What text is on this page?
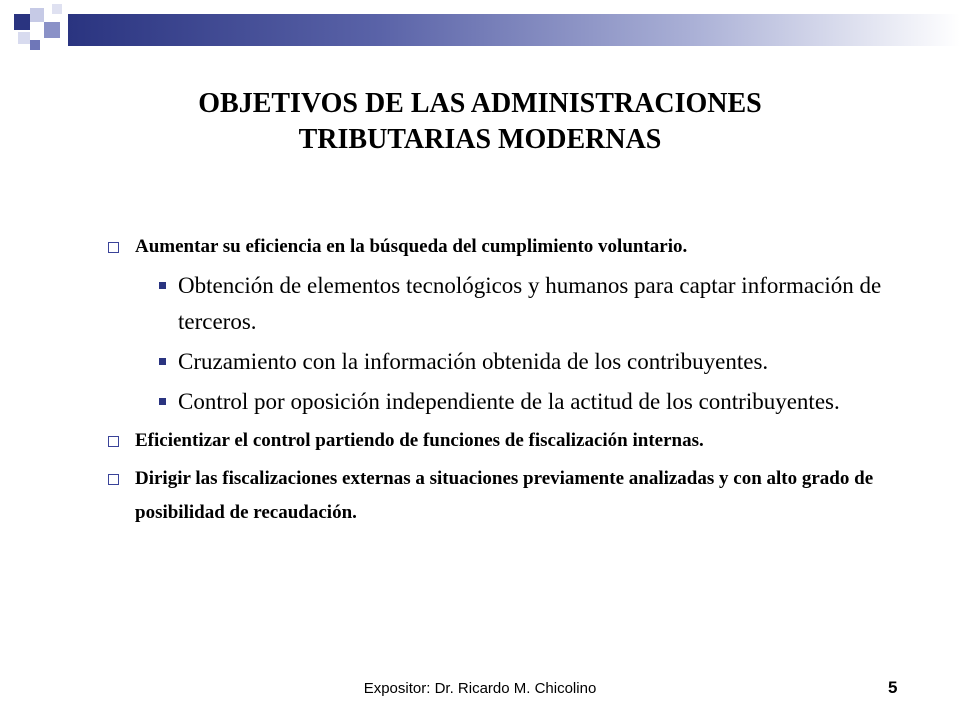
OBJETIVOS DE LAS ADMINISTRACIONES
TRIBUTARIAS MODERNAS
Aumentar su eficiencia en la búsqueda del cumplimiento voluntario.
Obtención de elementos tecnológicos y humanos para captar información de terceros.
Cruzamiento con la información obtenida de los contribuyentes.
Control por oposición independiente de la actitud de los contribuyentes.
Eficientizar el control partiendo de funciones de fiscalización internas.
Dirigir las fiscalizaciones externas a situaciones previamente analizadas y con alto grado de posibilidad de recaudación.
Expositor: Dr. Ricardo M. Chicolino	5
